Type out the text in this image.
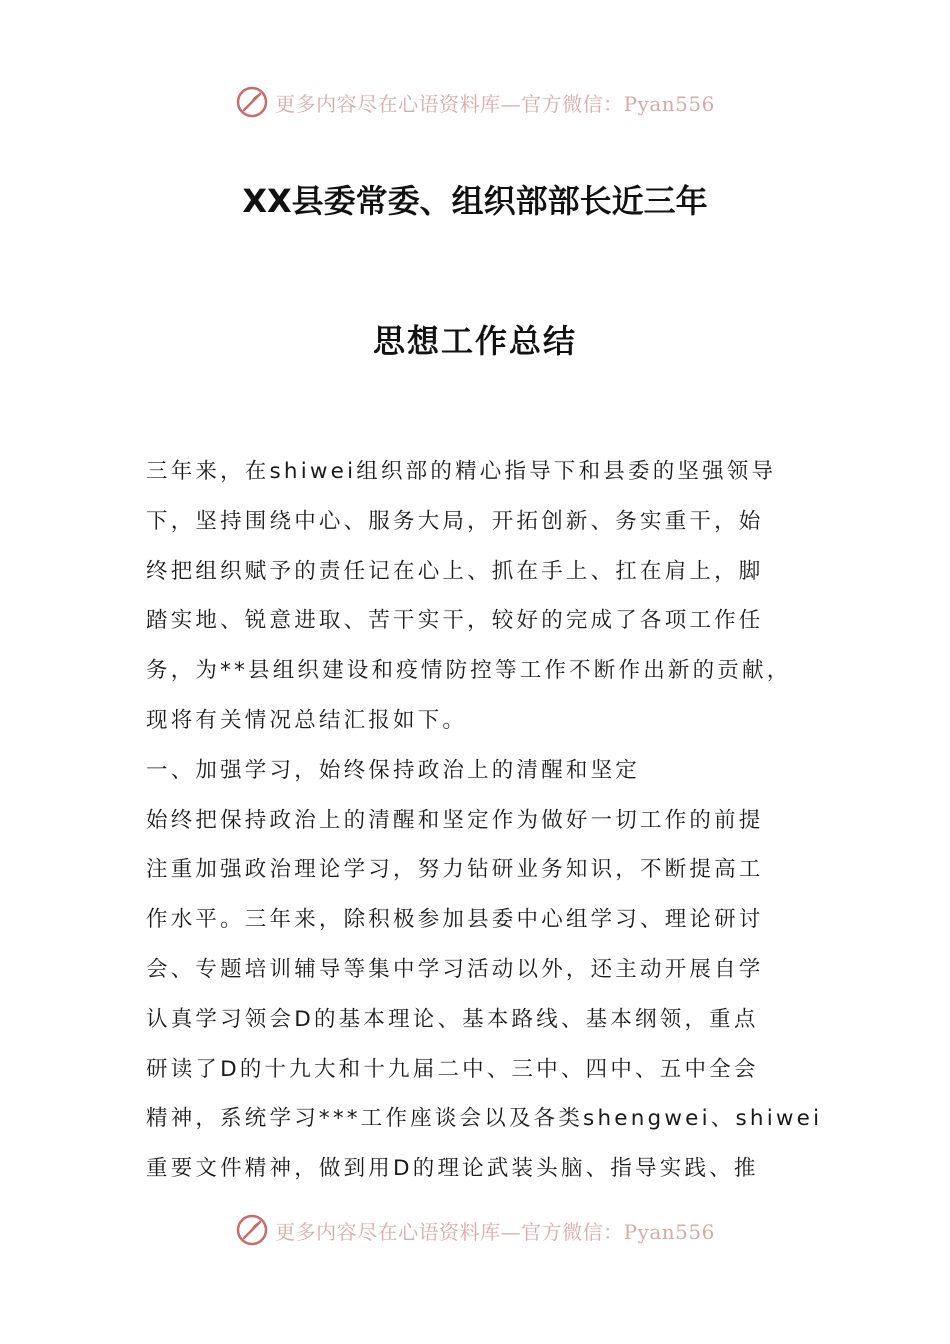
更多内容尽在心语资料库—官方微信：Pyan556
XX县委常委、组织部部长近三年
思想工作总结

三年来，在shiwei组织部的精心指导下和县委的坚强领导

下，坚持围绕中心、服务大局，开拓创新、务实重干，始

终把组织赋予的责任记在心上、抓在手上、扛在肩上，脚

踏实地、锐意进取、苦干实干，较好的完成了各项工作任

务，为**县组织建设和疫情防控等工作不断作出新的贡献，

现将有关情况总结汇报如下。

一、加强学习，始终保持政治上的清醒和坚定

始终把保持政治上的清醒和坚定作为做好一切工作的前提

注重加强政治理论学习，努力钻研业务知识，不断提高工

作水平。三年来，除积极参加县委中心组学习、理论研讨

会、专题培训辅导等集中学习活动以外，还主动开展自学

认真学习领会D的基本理论、基本路线、基本纲领，重点

研读了D的十九大和十九届二中、三中、四中、五中全会

精神，系统学习***工作座谈会以及各类shengwei、shiwei

重要文件精神，做到用D的理论武装头脑、指导实践、推

更多内容尽在心语资料库—官方微信：Pyan556
